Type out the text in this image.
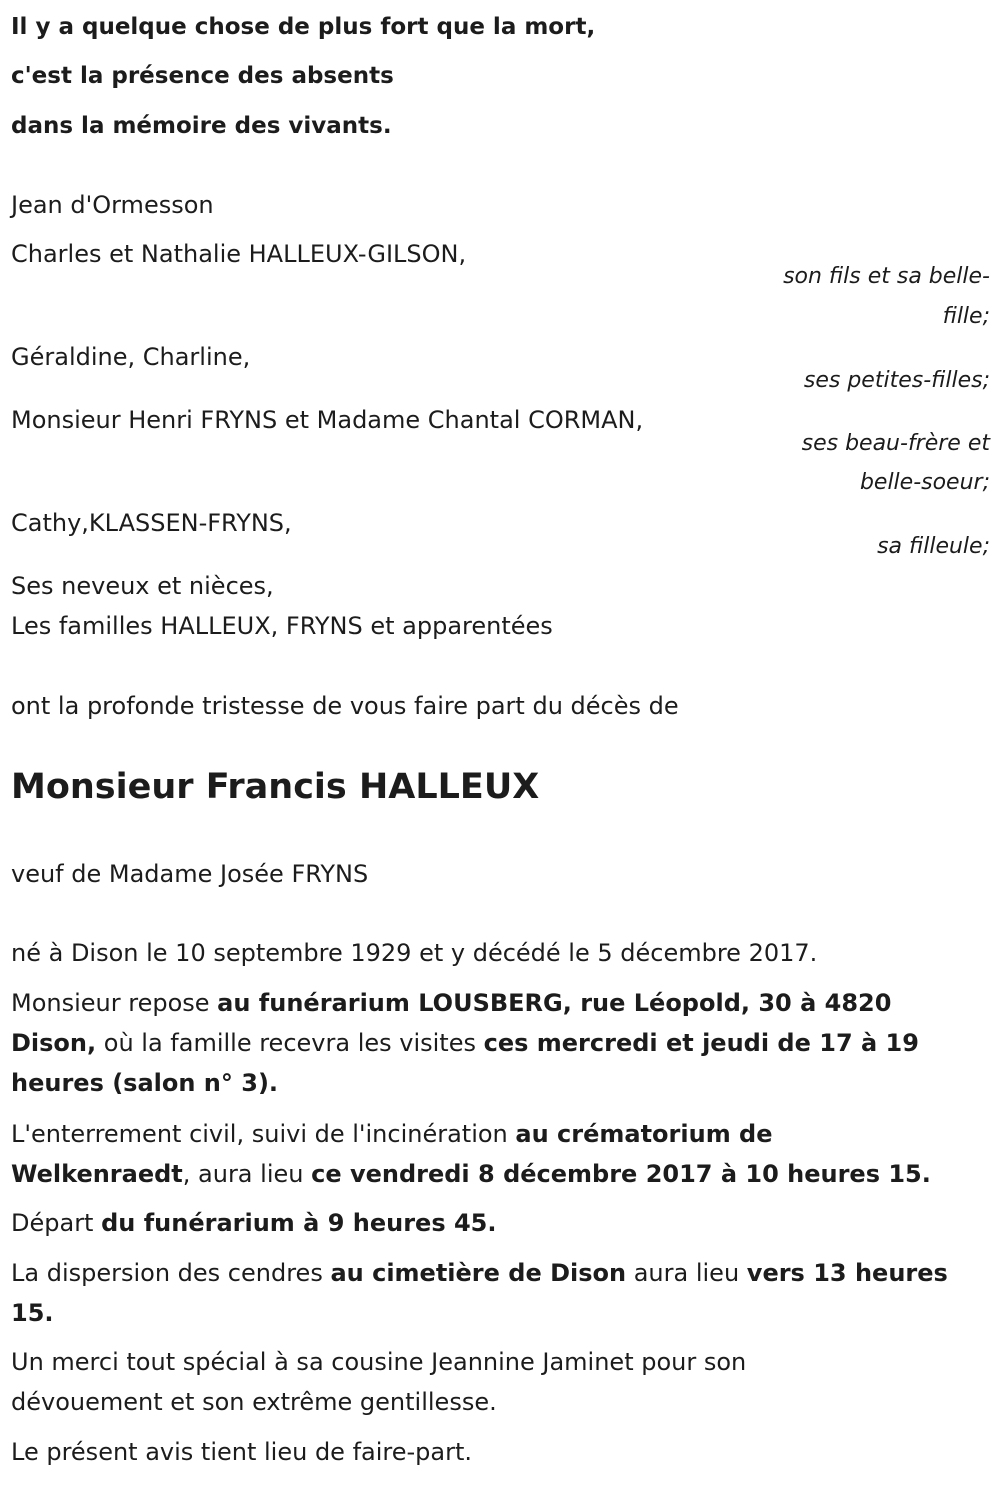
Il y a quelque chose de plus fort que la mort,
c'est la présence des absents
dans la mémoire des vivants.
Jean d'Ormesson
Charles et Nathalie HALLEUX-GILSON,
son fils et sa belle-
fille;
Géraldine, Charline,
ses petites-filles;
Monsieur Henri FRYNS et Madame Chantal CORMAN,
ses beau-frère et
belle-soeur;
Cathy,KLASSEN-FRYNS,
sa filleule;
Ses neveux et nièces,
Les familles HALLEUX, FRYNS et apparentées
ont la profonde tristesse de vous faire part du décès de
Monsieur Francis HALLEUX
veuf de Madame Josée FRYNS
né à Dison le 10 septembre 1929 et y décédé le 5 décembre 2017.
Monsieur repose au funérarium LOUSBERG, rue Léopold, 30 à 4820 Dison, où la famille recevra les visites ces mercredi et jeudi de 17 à 19 heures (salon n° 3).
L'enterrement civil, suivi de l'incinération au crématorium de Welkenraedt, aura lieu ce vendredi 8 décembre 2017 à 10 heures 15.
Départ du funérarium à 9 heures 45.
La dispersion des cendres au cimetière de Dison aura lieu vers 13 heures 15.
Un merci tout spécial à sa cousine Jeannine Jaminet pour son dévouement et son extrême gentillesse.
Le présent avis tient lieu de faire-part.
